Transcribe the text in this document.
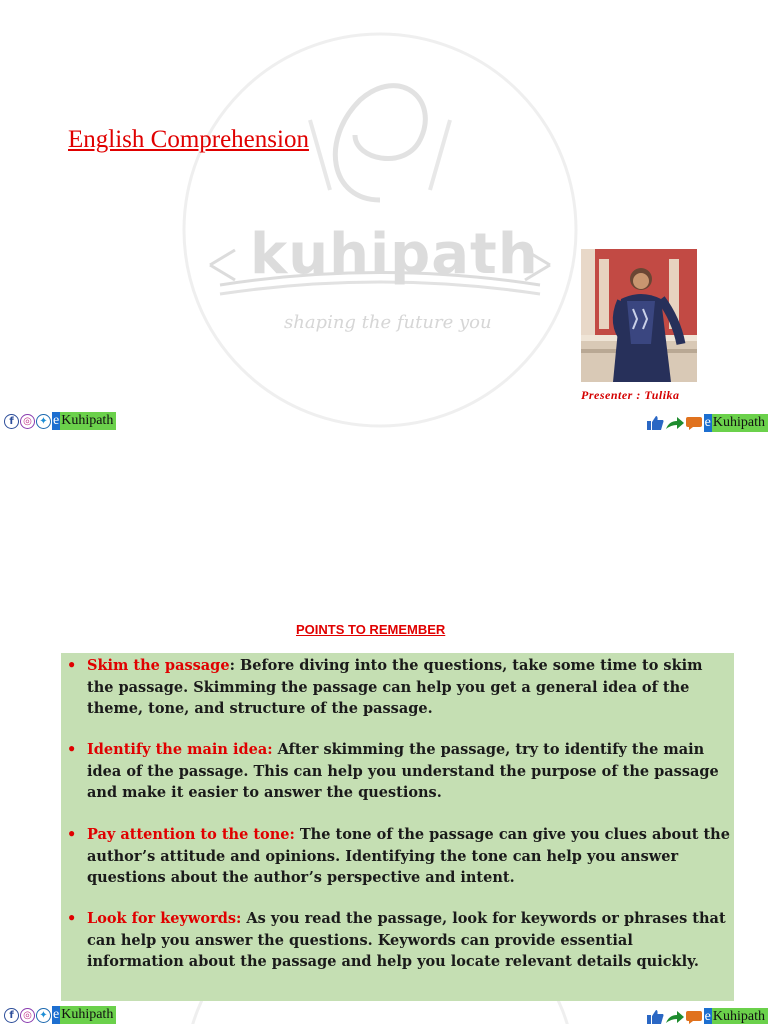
kuhipath
shaping the future you
English Comprehension
Presenter : Tulika
f ◎ ✦ e Kuhipath	e Kuhipath
POINTS TO REMEMBER
• Skim the passage: Before diving into the questions, take some time to skim the passage. Skimming the passage can help you get a general idea of the theme, tone, and structure of the passage.
• Identify the main idea: After skimming the passage, try to identify the main idea of the passage. This can help you understand the purpose of the passage and make it easier to answer the questions.
• Pay attention to the tone: The tone of the passage can give you clues about the author’s attitude and opinions. Identifying the tone can help you answer questions about the author’s perspective and intent.
• Look for keywords: As you read the passage, look for keywords or phrases that can help you answer the questions. Keywords can provide essential information about the passage and help you locate relevant details quickly.
f ◎ ✦ e Kuhipath	e Kuhipath
